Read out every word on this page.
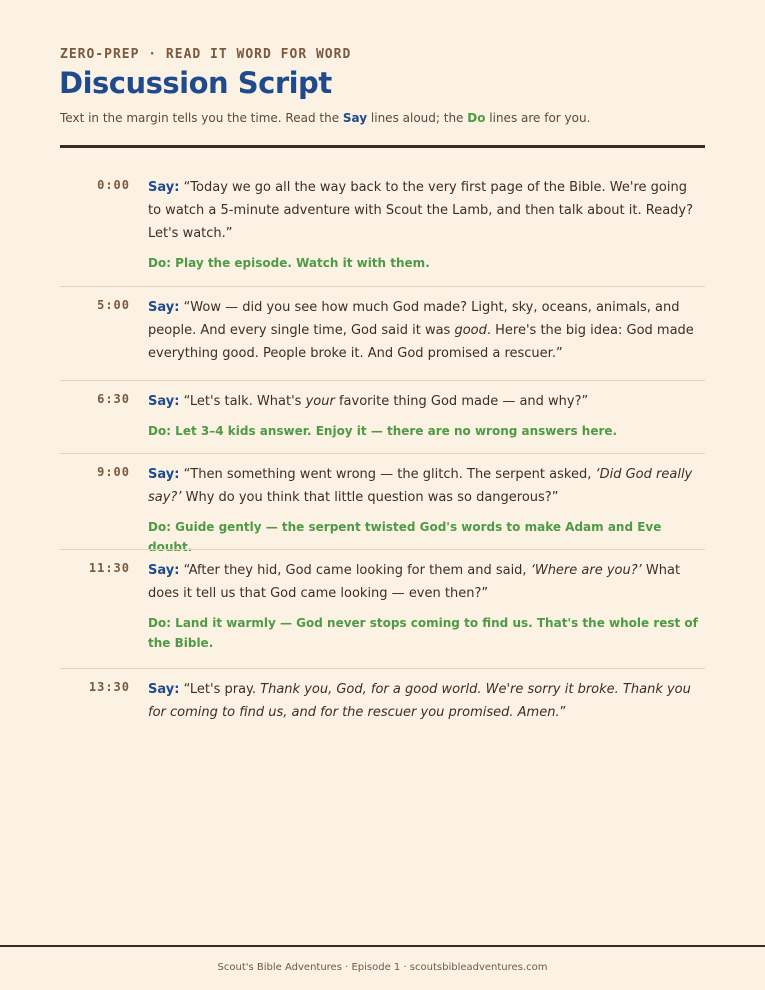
ZERO-PREP · READ IT WORD FOR WORD
Discussion Script
Text in the margin tells you the time. Read the Say lines aloud; the Do lines are for you.
0:00 Say: “Today we go all the way back to the very first page of the Bible. We're going to watch a 5-minute adventure with Scout the Lamb, and then talk about it. Ready? Let's watch.”

Do: Play the episode. Watch it with them.

5:00 Say: “Wow — did you see how much God made? Light, sky, oceans, animals, and people. And every single time, God said it was good. Here's the big idea: God made everything good. People broke it. And God promised a rescuer.”

6:30 Say: “Let's talk. What's your favorite thing God made — and why?”

Do: Let 3–4 kids answer. Enjoy it — there are no wrong answers here.

9:00 Say: “Then something went wrong — the glitch. The serpent asked, ‘Did God really say?’ Why do you think that little question was so dangerous?”

Do: Guide gently — the serpent twisted God's words to make Adam and Eve doubt.

11:30 Say: “After they hid, God came looking for them and said, ‘Where are you?’ What does it tell us that God came looking — even then?”

Do: Land it warmly — God never stops coming to find us. That's the whole rest of the Bible.

13:30 Say: “Let's pray. Thank you, God, for a good world. We're sorry it broke. Thank you for coming to find us, and for the rescuer you promised. Amen.”

Scout's Bible Adventures · Episode 1 · scoutsbibleadventures.com
